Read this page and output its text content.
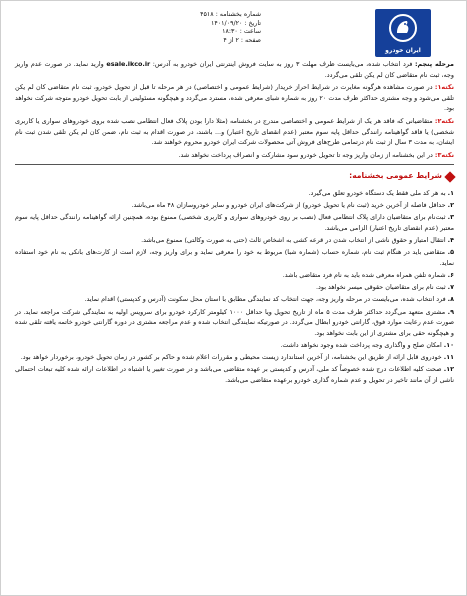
شماره بخشنامه : ۴۵۱۸
تاریخ : ۱۴۰۱/۰۹/۲۰
ساعت : ۱۸:۳۰
صفحه : ۲ از ۴
ایران خودرو
مرحله پنجم: فرد انتخاب شده، می‌بایست ظرف مهلت ۳ روز به سایت فروش اینترنتی ایران خودرو به آدرس: esale.ikco.ir وارید نماید. در صورت عدم واریز وجه، ثبت نام متقاضی کان لم یکن تلقی می‌گردد.
نکته۱: در صورت مشاهده هرگونه مغایرت در شرایط احراز خریدار (شرایط عمومی و اختصاصی) در هر مرحله تا قبل از تحویل خودرو، ثبت نام متقاضی کان لم یکن تلقی می‌شود و وجه مشتری حداکثر ظرف مدت ۲۰ روز به شماره شبای معرفی شده، مسترد می‌گردد و هیچگونه مسئولیتی از بابت تحویل خودرو متوجه شرکت نخواهد بود.
نکته۲: متقاضیانی که فاقد هر یک از شرایط عمومی و اختصاصی مندرج در بخشنامه (مثلا دارا بودن پلاک فعال انتظامی نصب شده بروی خودروهای سواری یا کاربری شخصی) یا فاقد گواهینامه رانندگی حداقل پایه سوم معتبر (عدم انقضای تاریخ اعتبار) و... باشند، در صورت اقدام به ثبت نام، ضمن کان لم یکن تلقی شدن ثبت نام ایشان، به مدت ۳ سال از ثبت نام درتمامی طرح‌های فروش آتی محصولات شرکت ایران خودرو محروم خواهند شد.
نکته۳: در این بخشنامه از زمان واریز وجه تا تحویل خودرو سود مشارکت و انصراف پرداخت نخواهد شد.
شرایط عمومی بخشنامه:
۱. به هر کد ملی فقط یک دستگاه خودرو تعلق می‌گیرد.
۲. حداقل فاصله از آخرین خرید (ثبت نام یا تحویل خودرو) از شرکت‌های ایران خودرو و سایر خودروسازان ۴۸ ماه می‌باشد.
۳. ثبت‌نام برای متقاضیان دارای پلاک انتظامی فعال (نصب بر روی خودروهای سواری و کاربری شخصی) ممنوع بوده، همچنین ارائه گواهینامه رانندگی حداقل پایه سوم معتبر (عدم انقضای تاریخ اعتبار) الزامی می‌باشد.
۴. انتقال امتیاز و حقوق ناشی از انتخاب شدن در قرعه کشی به اشخاص ثالث (حتی به صورت وکالتی) ممنوع می‌باشد.
۵. متقاضی باید در هنگام ثبت نام، شماره حساب (شماره شبا) مربوط به خود را معرفی نماید و برای واریز وجه، لازم است از کارت‌های بانکی به نام خود استفاده نماید.
۶. شماره تلفن همراه معرفی شده باید به نام فرد متقاضی باشد.
۷. ثبت نام برای متقاضیان حقوقی میسر نخواهد بود.
۸. فرد انتخاب شده، می‌بایست در مرحله واریز وجه، جهت انتخاب کد نمایندگی مطابق با استان محل سکونت (آدرس و کدپستی) اقدام نماید.
۹. مشتری متعهد می‌گردد حداکثر ظرف مدت ۵ ماه از تاریخ تحویل ویا حداقل ۱۰۰۰ کیلومتر کارکرد خودرو برای سرویس اولیه به نمایندگی شرکت مراجعه نماید. در صورت عدم رعایت موارد فوق، گارانتی خودرو ابطال می‌گردد. در صورتیکه نمایندگی انتخاب شده و عدم مراجعه مشتری در دوره گارانتی خودرو خاتمه یافته تلقی شده و هیچگونه حقی برای مشتری از این بابت نخواهد بود.
۱۰. امکان صلح و واگذاری وجه پرداخت شده وجود نخواهد داشت.
۱۱. خودروی قابل ارائه از طریق این بخشنامه، از آخرین استاندارد زیست محیطی و مقررات اعلام شده و حاکم بر کشور در زمان تحویل خودرو، برخوردار خواهد بود.
۱۲. صحت کلیه اطلاعات درج شده خصوصاً کد ملی، آدرس و کدپستی بر عهده متقاضی می‌باشد و در صورت تغییر یا اشتباه در اطلاعات ارائه شده کلیه تبعات احتمالی ناشی از آن مانند تاخیر در تحویل و عدم شماره گذاری خودرو برعهده متقاضی می‌باشد.
